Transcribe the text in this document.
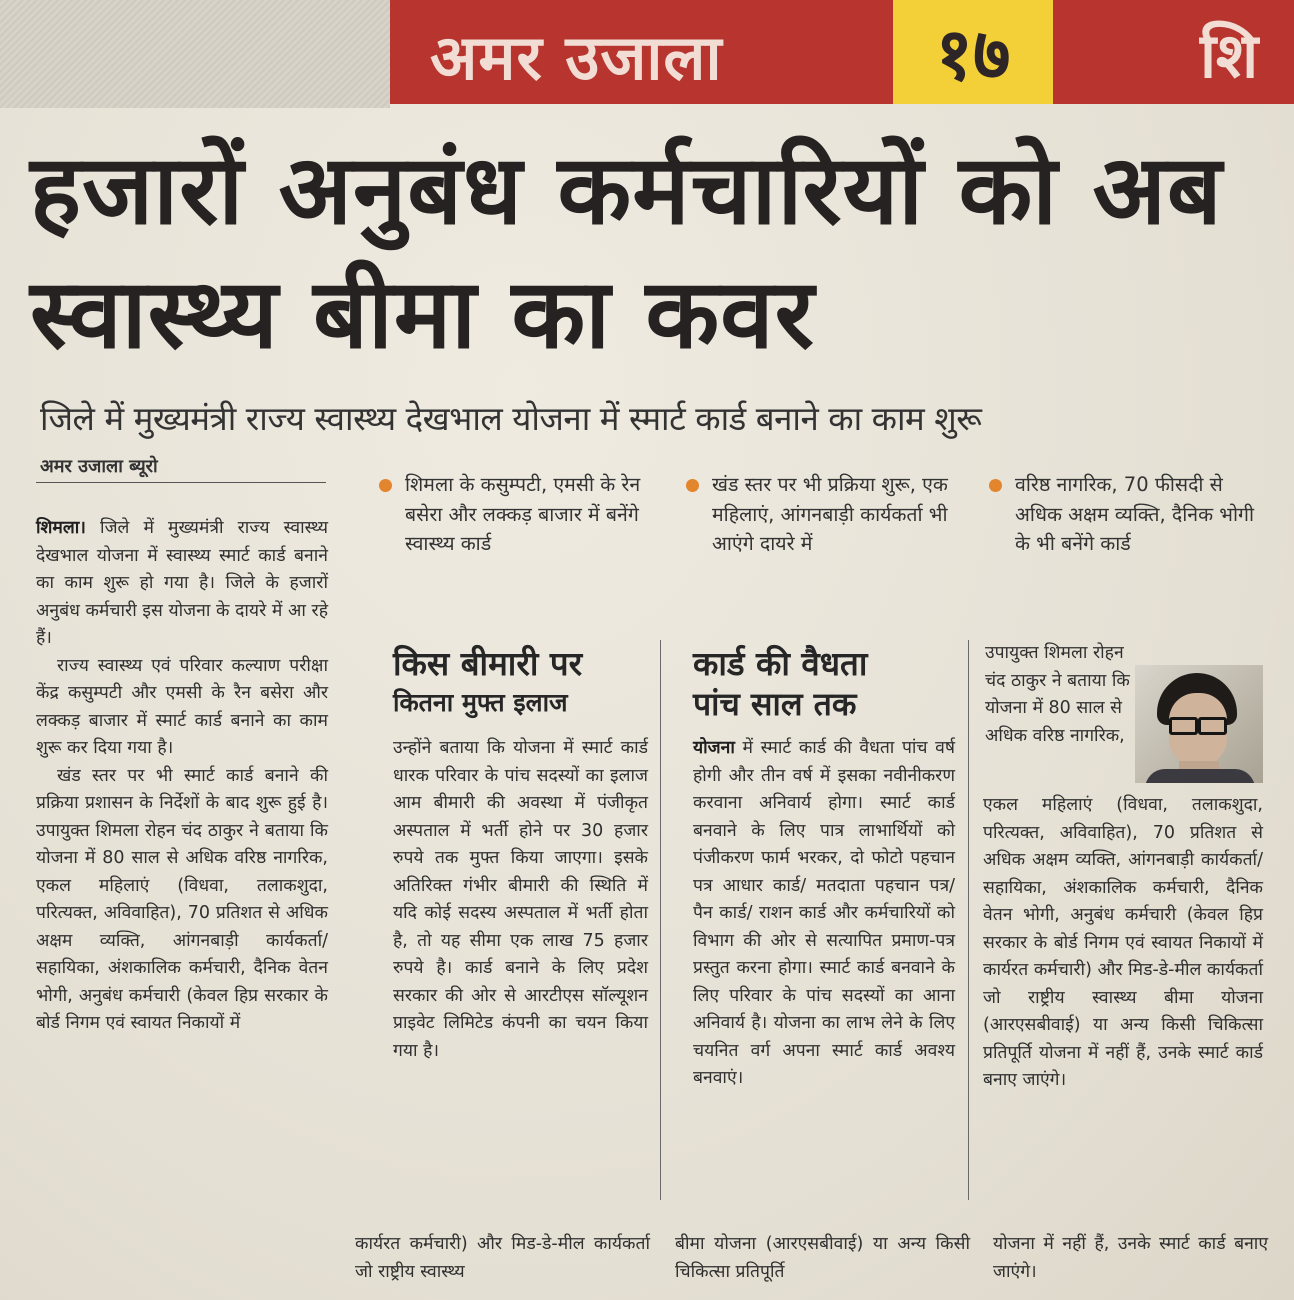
अमर उजाला	१७	शि
हजारों अनुबंध कर्मचारियों को अब स्वास्थ्य बीमा का कवर
जिले में मुख्यमंत्री राज्य स्वास्थ्य देखभाल योजना में स्मार्ट कार्ड बनाने का काम शुरू
अमर उजाला ब्यूरो

शिमला। जिले में मुख्यमंत्री राज्य स्वास्थ्य देखभाल योजना में स्वास्थ्य स्मार्ट कार्ड बनाने का काम शुरू हो गया है। जिले के हजारों अनुबंध कर्मचारी इस योजना के दायरे में आ रहे हैं।

राज्य स्वास्थ्य एवं परिवार कल्याण परीक्षा केंद्र कसुम्पटी और एमसी के रैन बसेरा और लक्कड़ बाजार में स्मार्ट कार्ड बनाने का काम शुरू कर दिया गया है।

खंड स्तर पर भी स्मार्ट कार्ड बनाने की प्रक्रिया प्रशासन के निर्देशों के बाद शुरू हुई है। उपायुक्त शिमला रोहन चंद ठाकुर ने बताया कि योजना में 80 साल से अधिक वरिष्ठ नागरिक, एकल महिलाएं (विधवा, तलाकशुदा, परित्यक्त, अविवाहित), 70 प्रतिशत से अधिक अक्षम व्यक्ति, आंगनबाड़ी कार्यकर्ता/ सहायिका, अंशकालिक कर्मचारी, दैनिक वेतन भोगी, अनुबंध कर्मचारी (केवल हिप्र सरकार के बोर्ड निगम एवं स्वायत निकायों में

शिमला के कसुम्पटी, एमसी के रेन बसेरा और लक्कड़ बाजार में बनेंगे स्वास्थ्य कार्ड
खंड स्तर पर भी प्रक्रिया शुरू, एक महिलाएं, आंगनबाड़ी कार्यकर्ता भी आएंगे दायरे में
वरिष्ठ नागरिक, 70 फीसदी से अधिक अक्षम व्यक्ति, दैनिक भोगी के भी बनेंगे कार्ड
किस बीमारी पर
कितना मुफ्त इलाज
उन्होंने बताया कि योजना में स्मार्ट कार्ड धारक परिवार के पांच सदस्यों का इलाज आम बीमारी की अवस्था में पंजीकृत अस्पताल में भर्ती होने पर 30 हजार रुपये तक मुफ्त किया जाएगा। इसके अतिरिक्त गंभीर बीमारी की स्थिति में यदि कोई सदस्य अस्पताल में भर्ती होता है, तो यह सीमा एक लाख 75 हजार रुपये है। कार्ड बनाने के लिए प्रदेश सरकार की ओर से आरटीएस सॉल्यूशन प्राइवेट लिमिटेड कंपनी का चयन किया गया है।
कार्ड की वैधता
पांच साल तक
योजना में स्मार्ट कार्ड की वैधता पांच वर्ष होगी और तीन वर्ष में इसका नवीनीकरण करवाना अनिवार्य होगा। स्मार्ट कार्ड बनवाने के लिए पात्र लाभार्थियों को पंजीकरण फार्म भरकर, दो फोटो पहचान पत्र आधार कार्ड/ मतदाता पहचान पत्र/ पैन कार्ड/ राशन कार्ड और कर्मचारियों को विभाग की ओर से सत्यापित प्रमाण-पत्र प्रस्तुत करना होगा। स्मार्ट कार्ड बनवाने के लिए परिवार के पांच सदस्यों का आना अनिवार्य है। योजना का लाभ लेने के लिए चयनित वर्ग अपना स्मार्ट कार्ड अवश्य बनवाएं।
उपायुक्त शिमला रोहन चंद ठाकुर ने बताया कि योजना में 80 साल से अधिक वरिष्ठ नागरिक,
एकल महिलाएं (विधवा, तलाकशुदा, परित्यक्त, अविवाहित), 70 प्रतिशत से अधिक अक्षम व्यक्ति, आंगनबाड़ी कार्यकर्ता/ सहायिका, अंशकालिक कर्मचारी, दैनिक वेतन भोगी, अनुबंध कर्मचारी (केवल हिप्र सरकार के बोर्ड निगम एवं स्वायत निकायों में कार्यरत कर्मचारी) और मिड-डे-मील कार्यकर्ता जो राष्ट्रीय स्वास्थ्य बीमा योजना (आरएसबीवाई) या अन्य किसी चिकित्सा प्रतिपूर्ति योजना में नहीं हैं, उनके स्मार्ट कार्ड बनाए जाएंगे।
कार्यरत कर्मचारी) और मिड-डे-मील कार्यकर्ता जो राष्ट्रीय स्वास्थ्य
बीमा योजना (आरएसबीवाई) या अन्य किसी चिकित्सा प्रतिपूर्ति
योजना में नहीं हैं, उनके स्मार्ट कार्ड बनाए जाएंगे।
